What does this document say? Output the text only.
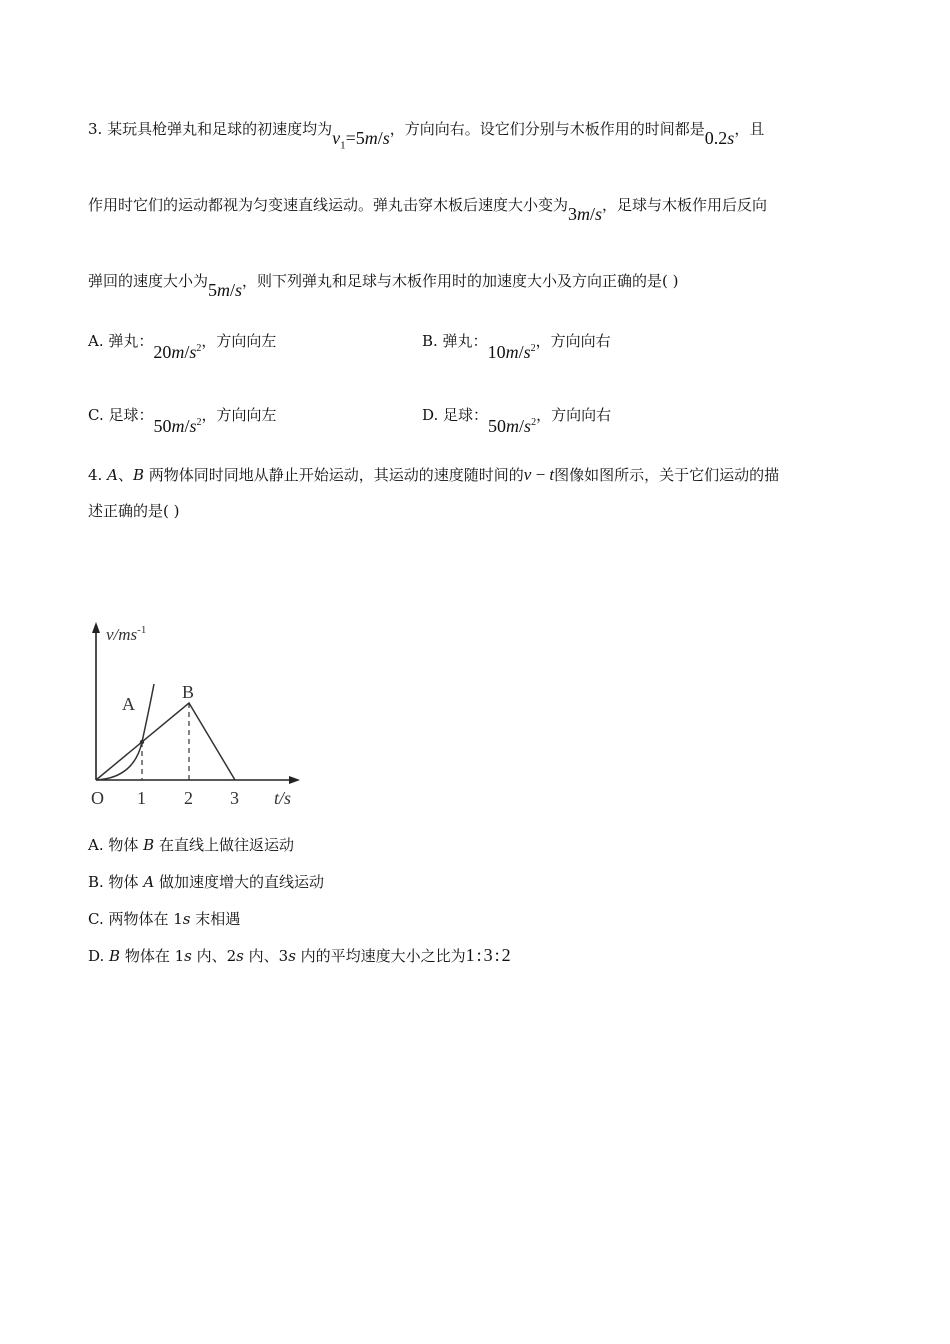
3. 某玩具枪弹丸和足球的初速度均为$v_1=5m/s$，方向向右。设它们分别与木板作用的时间都是0.2s，且
作用时它们的运动都视为匀变速直线运动。弹丸击穿木板后速度大小变为3m/s，足球与木板作用后反向
弹回的速度大小为5m/s，则下列弹丸和足球与木板作用时的加速度大小及方向正确的是( )
A. 弹丸：$20m/s^2$，方向向左	B. 弹丸：$10m/s^2$，方向向右
C. 足球：$50m/s^2$，方向向左	D. 足球：$50m/s^2$，方向向右
4. A、B 两物体同时同地从静止开始运动，其运动的速度随时间的v − t图像如图所示，关于它们运动的描
述正确的是( )
$v/ms^{-1}$
t/s
O 1 2 3
A
B
A. 物体 B 在直线上做往返运动
B. 物体 A 做加速度增大的直线运动
C. 两物体在 1s 末相遇
D. B 物体在 1s 内、2s 内、3s 内的平均速度大小之比为1:3:2
